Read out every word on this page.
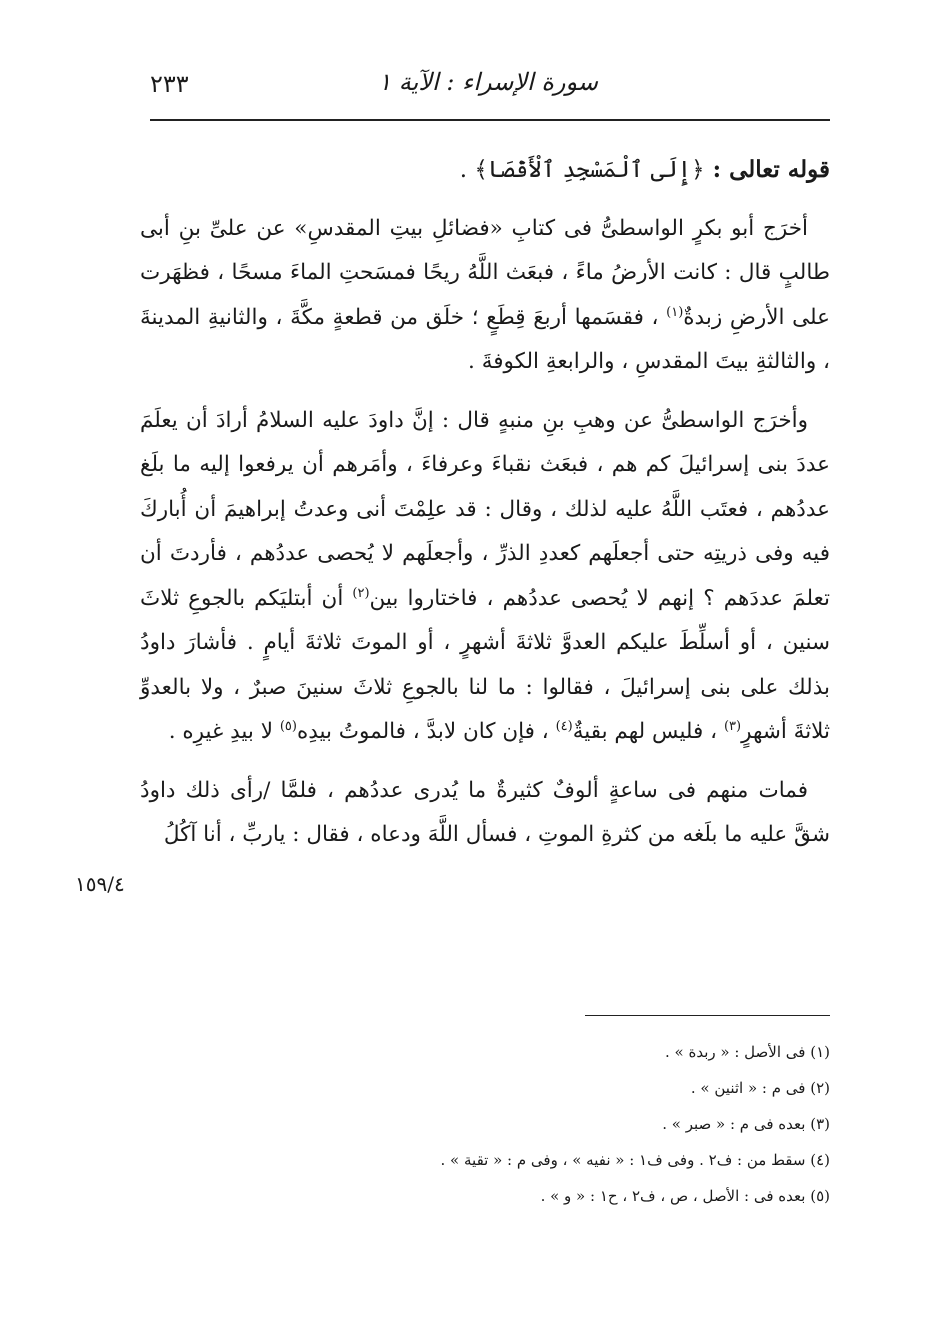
سورة الإسراء : الآية ١
٢٣٣

قوله تعالى : ﴿إِلَى ٱلْمَسْجِدِ ٱلْأَقْصَا﴾ .

أخرَج أبو بكرٍ الواسطىُّ فى كتابِ «فضائلِ بيتِ المقدسِ» عن علىِّ بنِ أبى طالبٍ قال : كانت الأرضُ ماءً ، فبعَث اللَّهُ ريحًا فمسَحتِ الماءَ مسحًا ، فظهَرت على الأرضِ زبدةٌ$^{(١)}$ ، فقسَمها أربعَ قِطَعٍ ؛ خلَق من قطعةٍ مكَّةَ ، والثانيةِ المدينةَ ، والثالثةِ بيتَ المقدسِ ، والرابعةِ الكوفةَ .

وأخرَج الواسطىُّ عن وهبِ بنِ منبهٍ قال : إنَّ داودَ عليه السلامُ أرادَ أن يعلَمَ عددَ بنى إسرائيلَ كم هم ، فبعَث نقباءَ وعرفاءَ ، وأمَرهم أن يرفعوا إليه ما بلَغ عددُهم ، فعتَب اللَّهُ عليه لذلك ، وقال : قد علِمْتَ أنى وعدتُ إبراهيمَ أن أُباركَ فيه وفى ذريتِه حتى أجعلَهم كعددِ الذرِّ ، وأجعلَهم لا يُحصى عددُهم ، فأردتَ أن تعلمَ عددَهم ؟ إنهم لا يُحصى عددُهم ، فاختاروا بين$^{(٢)}$ أن أبتليَكم بالجوعِ ثلاثَ سنين ، أو أسلِّطَ عليكم العدوَّ ثلاثةَ أشهرٍ ، أو الموتَ ثلاثةَ أيامٍ . فأشارَ داودُ بذلك على بنى إسرائيلَ ، فقالوا : ما لنا بالجوعِ ثلاثَ سنينَ صبرٌ ، ولا بالعدوِّ ثلاثةَ أشهرٍ$^{(٣)}$ ، فليس لهم بقيةٌ$^{(٤)}$ ، فإن كان لابدَّ ، فالموتُ بيدِه$^{(٥)}$ لا بيدِ غيرِه .

فمات منهم فى ساعةٍ ألوفٌ كثيرةٌ ما يُدرى عددُهم ، فلمَّا /رأى ذلك داودُ شقَّ عليه ما بلَغه من كثرةِ الموتِ ، فسأل اللَّهَ ودعاه ، فقال : ياربِّ ، أنا آكُلُ

١٥٩/٤

(١) فى الأصل : « ربدة » .

(٢) فى م : « اثنين » .

(٣) بعده فى م : « صبر » .

(٤) سقط من : ف٢ . وفى ف١ : « نفيه » ، وفى م : « تقية » .

(٥) بعده فى : الأصل ، ص ، ف٢ ، ح١ : « و » .
